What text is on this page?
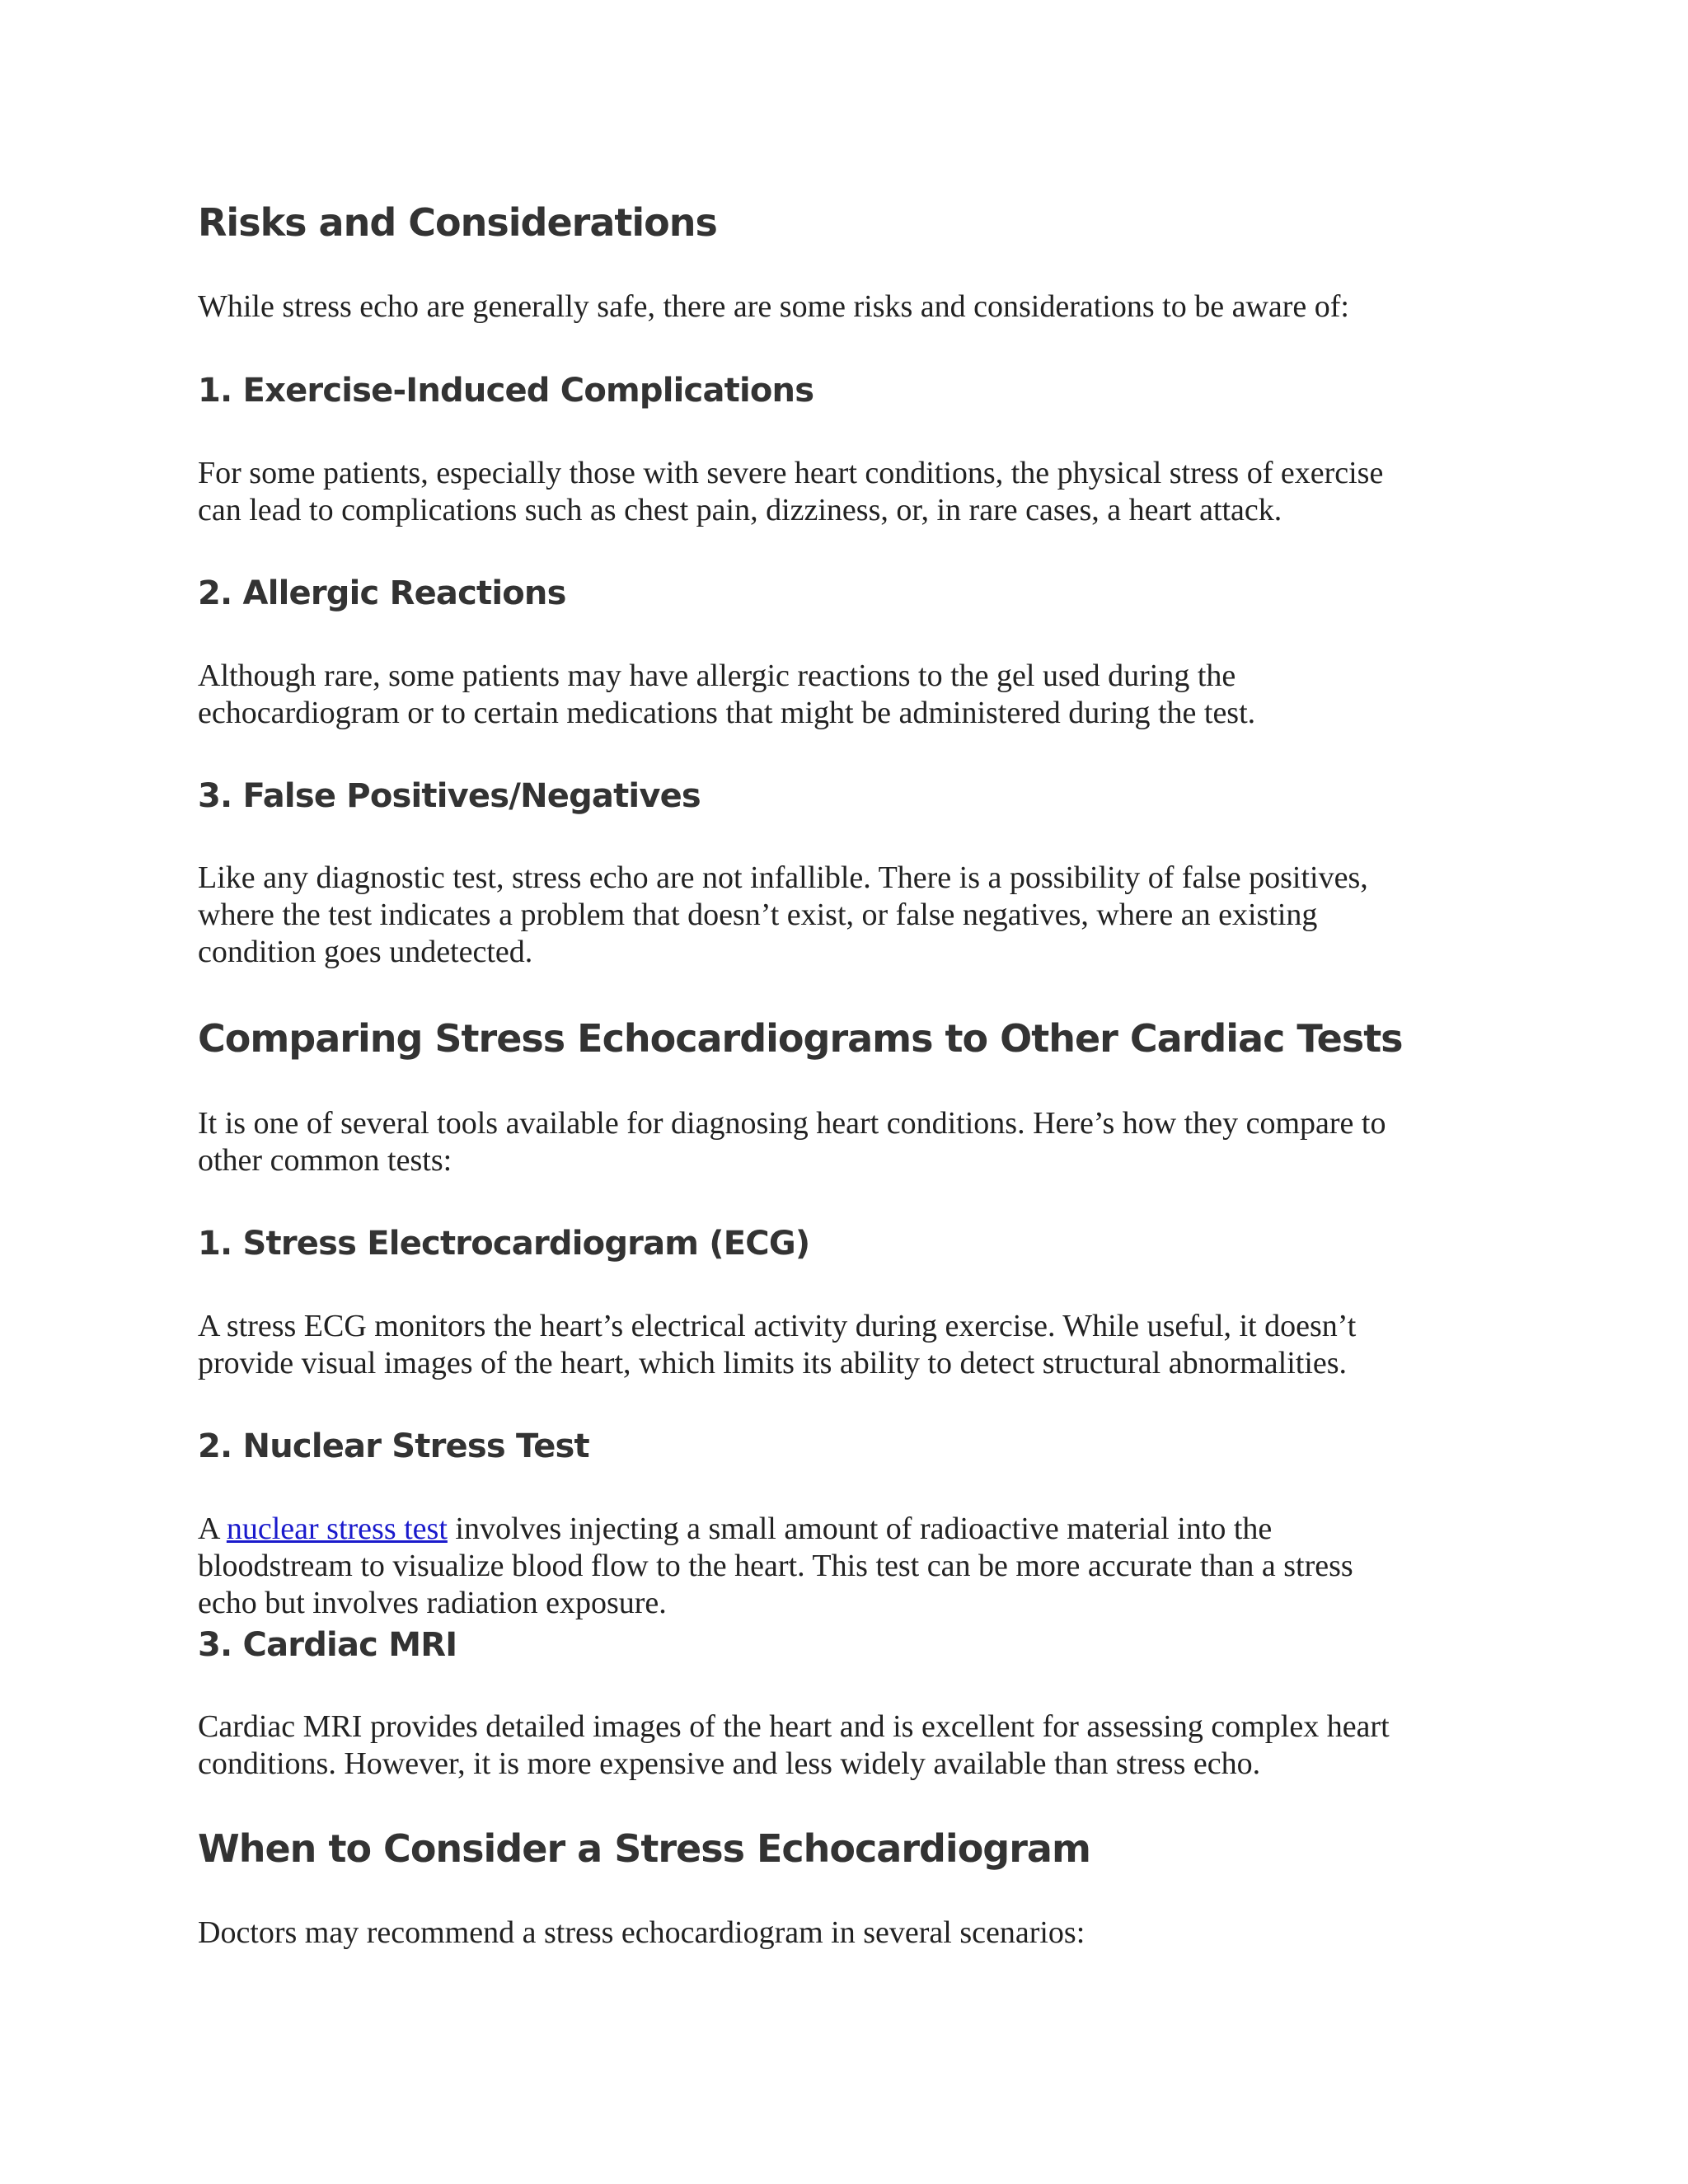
Risks and Considerations

While stress echo are generally safe, there are some risks and considerations to be aware of:

1. Exercise-Induced Complications

For some patients, especially those with severe heart conditions, the physical stress of exercise
can lead to complications such as chest pain, dizziness, or, in rare cases, a heart attack.

2. Allergic Reactions

Although rare, some patients may have allergic reactions to the gel used during the
echocardiogram or to certain medications that might be administered during the test.

3. False Positives/Negatives

Like any diagnostic test, stress echo are not infallible. There is a possibility of false positives,
where the test indicates a problem that doesn’t exist, or false negatives, where an existing
condition goes undetected.

Comparing Stress Echocardiograms to Other Cardiac Tests

It is one of several tools available for diagnosing heart conditions. Here’s how they compare to
other common tests:

1. Stress Electrocardiogram (ECG)

A stress ECG monitors the heart’s electrical activity during exercise. While useful, it doesn’t
provide visual images of the heart, which limits its ability to detect structural abnormalities.

2. Nuclear Stress Test

A nuclear stress test involves injecting a small amount of radioactive material into the
bloodstream to visualize blood flow to the heart. This test can be more accurate than a stress
echo but involves radiation exposure.

3. Cardiac MRI

Cardiac MRI provides detailed images of the heart and is excellent for assessing complex heart
conditions. However, it is more expensive and less widely available than stress echo.

When to Consider a Stress Echocardiogram

Doctors may recommend a stress echocardiogram in several scenarios:
